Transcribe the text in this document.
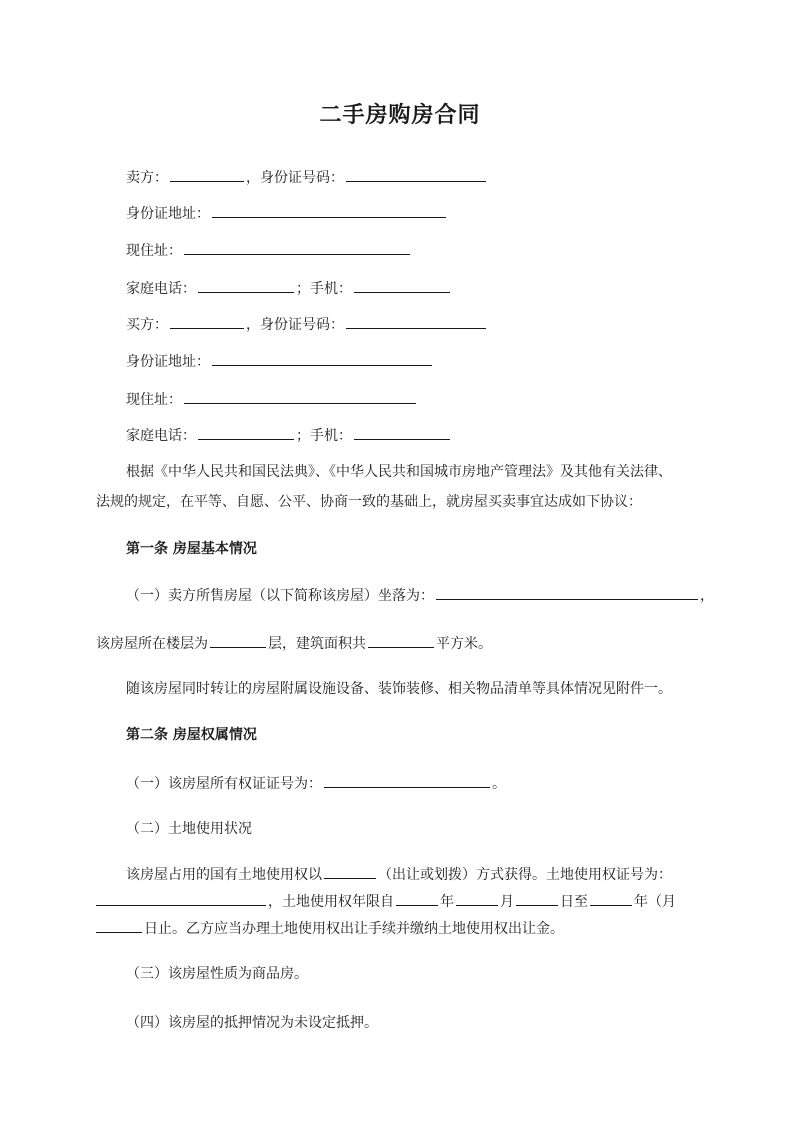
二手房购房合同
卖方：	，身份证号码：
身份证地址：
现住址：
家庭电话：	；手机：
买方：	，身份证号码：
身份证地址：
现住址：
家庭电话：	；手机：
根据《中华人民共和国民法典》、《中华人民共和国城市房地产管理法》及其他有关法律、
法规的规定，在平等、自愿、公平、协商一致的基础上，就房屋买卖事宜达成如下协议：
第一条 房屋基本情况
（一）卖方所售房屋（以下简称该房屋）坐落为：	，
该房屋所在楼层为	层，建筑面积共	平方米。
随该房屋同时转让的房屋附属设施设备、装饰装修、相关物品清单等具体情况见附件一。
第二条 房屋权属情况
（一）该房屋所有权证证号为：	。
（二）土地使用状况
该房屋占用的国有土地使用权以	（出让或划拨）方式获得。土地使用权证号为：
，土地使用权年限自	年	月	日至	年（月
日止。乙方应当办理土地使用权出让手续并缴纳土地使用权出让金。
（三）该房屋性质为商品房。
（四）该房屋的抵押情况为未设定抵押。
